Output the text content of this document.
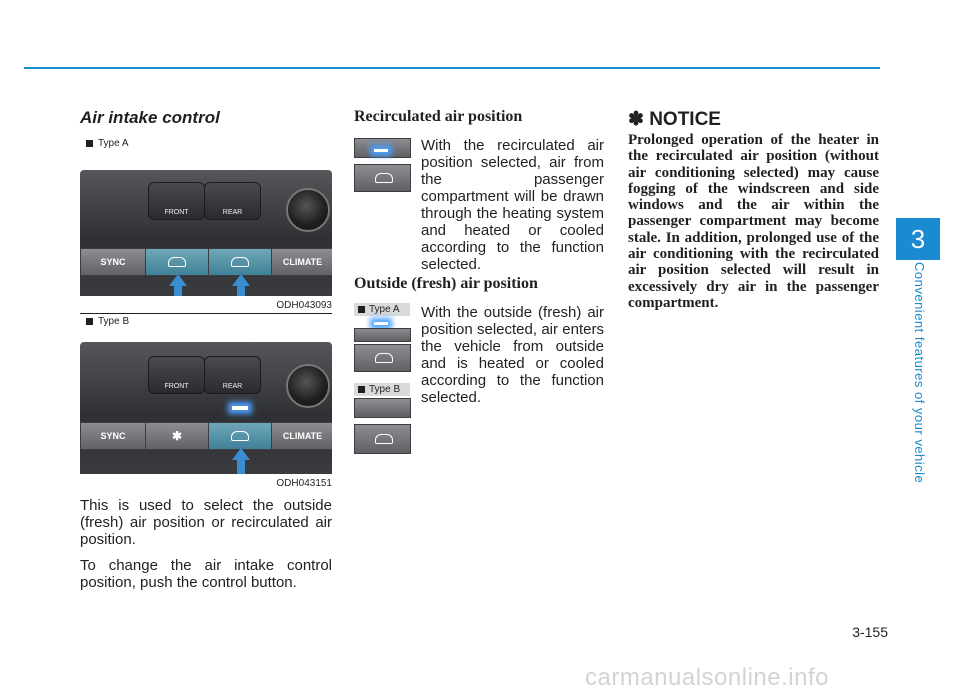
3
Convenient features of your vehicle
Air intake control
Type A
FRONT	REAR
SYNC	CLIMATE
ODH043093
Type B
FRONT	REAR
SYNC	✱	CLIMATE
ODH043151

This is used to select the outside (fresh) air position or recirculated air position.

To change the air intake control position, push the control button.

Recirculated air position
With the recirculated air position selected, air from the passenger compartment will be drawn through the heating system and heated or cooled according to the function selected.
Outside (fresh) air position
Type A
Type B
With the outside (fresh) air position selected, air enters the vehicle from outside and is heated or cooled according to the function selected.
✽ NOTICE
Prolonged operation of the heater in the recirculated air position (without air conditioning selected) may cause fogging of the windscreen and side windows and the air within the passenger compartment may become stale. In addition, prolonged use of the air conditioning with the recirculated air position selected will result in excessively dry air in the passenger compartment.
3-155
carmanualsonline.info
